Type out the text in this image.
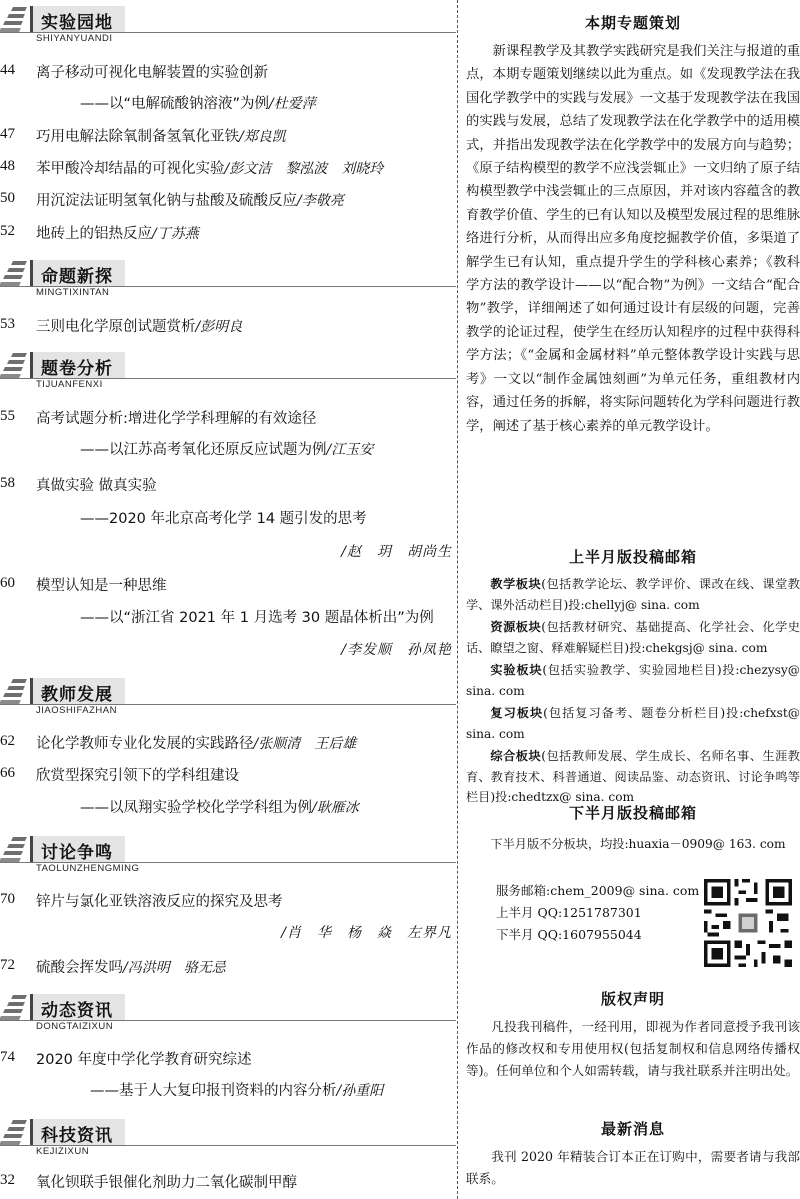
实验园地
SHIYANYUANDI
44 离子移动可视化电解装置的实验创新
——以“电解硫酸钠溶液”为例/杜爱萍
47 巧用电解法除氧制备氢氧化亚铁/郑良凯
48 苯甲酸冷却结晶的可视化实验/彭文洁　黎泓波　刘晓玲
50 用沉淀法证明氢氧化钠与盐酸及硫酸反应/李敬亮
52 地砖上的铝热反应/丁苏燕
命题新探
MINGTIXINTAN
53 三则电化学原创试题赏析/彭明良
题卷分析
TIJUANFENXI
55 高考试题分析:增进化学学科理解的有效途径
——以江苏高考氧化还原反应试题为例/江玉安
58 真做实验 做真实验
——2020 年北京高考化学 14 题引发的思考
/赵　玥　胡尚生
60 模型认知是一种思维
——以“浙江省 2021 年 1 月选考 30 题晶体析出”为例
/李发顺　孙凤艳
教师发展
JIAOSHIFAZHAN
62 论化学教师专业化发展的实践路径/张顺清　王后雄
66 欣赏型探究引领下的学科组建设
——以凤翔实验学校化学学科组为例/耿雁冰
讨论争鸣
TAOLUNZHENGMING
70 锌片与氯化亚铁溶液反应的探究及思考
/肖　华　杨　焱　左界凡
72 硫酸会挥发吗/冯洪明　骆无忌
动态资讯
DONGTAIZIXUN
74 2020 年度中学化学教育研究综述
——基于人大复印报刊资料的内容分析/孙重阳
科技资讯
KEJIZIXUN
32 氧化钡联手银催化剂助力二氧化碳制甲醇
本期专题策划
新课程教学及其教学实践研究是我们关注与报道的重点，本期专题策划继续以此为重点。如《发现教学法在我国化学教学中的实践与发展》一文基于发现教学法在我国的实践与发展，总结了发现教学法在化学教学中的适用模式，并指出发现教学法在化学教学中的发展方向与趋势；《原子结构模型的教学不应浅尝辄止》一文归纳了原子结构模型教学中浅尝辄止的三点原因，并对该内容蕴含的教育教学价值、学生的已有认知以及模型发展过程的思维脉络进行分析，从而得出应多角度挖掘教学价值，多渠道了解学生已有认知，重点提升学生的学科核心素养；《教科学方法的教学设计——以“配合物”为例》一文结合“配合物”教学，详细阐述了如何通过设计有层级的问题，完善教学的论证过程，使学生在经历认知程序的过程中获得科学方法；《“金属和金属材料”单元整体教学设计实践与思考》一文以“制作金属蚀刻画”为单元任务，重组教材内容，通过任务的拆解，将实际问题转化为学科问题进行教学，阐述了基于核心素养的单元教学设计。
上半月版投稿邮箱

教学板块(包括教学论坛、教学评价、课改在线、课堂教学、课外活动栏目)投:chellyj@ sina. com

资源板块(包括教材研究、基础提高、化学社会、化学史话、瞭望之窗、释难解疑栏目)投:chekgsj@ sina. com

实验板块(包括实验教学、实验园地栏目)投:chezysy@ sina. com

复习板块(包括复习备考、题卷分析栏目)投:chefxst@ sina. com

综合板块(包括教师发展、学生成长、名师名事、生涯教育、教育技术、科普通道、阅读品鉴、动态资讯、讨论争鸣等栏目)投:chedtzx@ sina. com

下半月版投稿邮箱
下半月版不分板块，均投:huaxia－0909@ 163. com
服务邮箱:chem_2009@ sina. com
上半月 QQ:1251787301
下半月 QQ:1607955044
版权声明
凡投我刊稿件，一经刊用，即视为作者同意授予我刊该作品的修改权和专用使用权(包括复制权和信息网络传播权等)。任何单位和个人如需转载，请与我社联系并注明出处。
最新消息
我刊 2020 年精装合订本正在订购中，需要者请与我部联系。
